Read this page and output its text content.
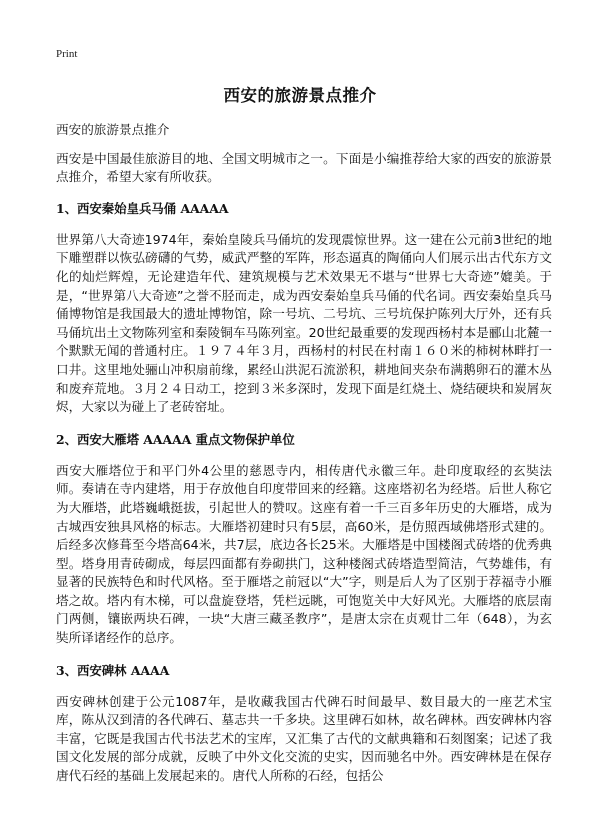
Print
西安的旅游景点推介

西安的旅游景点推介

西安是中国最佳旅游目的地、全国文明城市之一。下面是小编推荐给大家的西安的旅游景点推介，希望大家有所收获。

1、西安秦始皇兵马俑 AAAAA

世界第八大奇迹1974年，秦始皇陵兵马俑坑的发现震惊世界。这一建在公元前3世纪的地下雕塑群以恢弘磅礴的气势，威武严整的军阵，形态逼真的陶俑向人们展示出古代东方文化的灿烂辉煌，无论建造年代、建筑规模与艺术效果无不堪与“世界七大奇迹”媲美。于是，“世界第八大奇迹”之誉不胫而走，成为西安秦始皇兵马俑的代名词。西安秦始皇兵马俑博物馆是我国最大的遗址博物馆，除一号坑、二号坑、三号坑保护陈列大厅外，还有兵马俑坑出土文物陈列室和秦陵铜车马陈列室。20世纪最重要的发现西杨村本是郦山北麓一个默默无闻的普通村庄。１９７４年３月，西杨村的村民在村南１６０米的柿树林畔打一口井。这里地处骊山冲积扇前缘，累经山洪泥石流淤积，耕地间夹杂布满鹅卵石的灌木丛和废弃荒地。３月２４日动工，挖到３米多深时，发现下面是红烧土、烧结硬块和炭屑灰烬，大家以为碰上了老砖窑址。

2、西安大雁塔 AAAAA 重点文物保护单位

西安大雁塔位于和平门外4公里的慈恩寺内，相传唐代永徽三年。赴印度取经的玄奘法师。奏请在寺内建塔，用于存放他自印度带回来的经籍。这座塔初名为经塔。后世人称它为大雁塔，此塔巍峨挺拔，引起世人的赞叹。这座有着一千三百多年历史的大雁塔，成为古城西安独具风格的标志。大雁塔初建时只有5层，高60米，是仿照西域佛塔形式建的。后经多次修葺至今塔高64米，共7层，底边各长25米。大雁塔是中国楼阁式砖塔的优秀典型。塔身用青砖砌成，每层四面都有券砌拱门，这种楼阁式砖塔造型简洁，气势雄伟，有显著的民族特色和时代风格。至于雁塔之前冠以“大”字，则是后人为了区别于荐福寺小雁塔之故。塔内有木梯，可以盘旋登塔，凭栏远眺，可饱览关中大好风光。大雁塔的底层南门两侧，镶嵌两块石碑，一块“大唐三藏圣教序”，是唐太宗在贞观廿二年（648），为玄奘所译诸经作的总序。

3、西安碑林 AAAA

西安碑林创建于公元1087年，是收藏我国古代碑石时间最早、数目最大的一座艺术宝库，陈从汉到清的各代碑石、墓志共一千多块。这里碑石如林，故名碑林。西安碑林内容丰富，它既是我国古代书法艺术的宝库，又汇集了古代的文献典籍和石刻图案；记述了我国文化发展的部分成就，反映了中外文化交流的史实，因而驰名中外。西安碑林是在保存唐代石经的基础上发展起来的。唐代人所称的石经，包括公
